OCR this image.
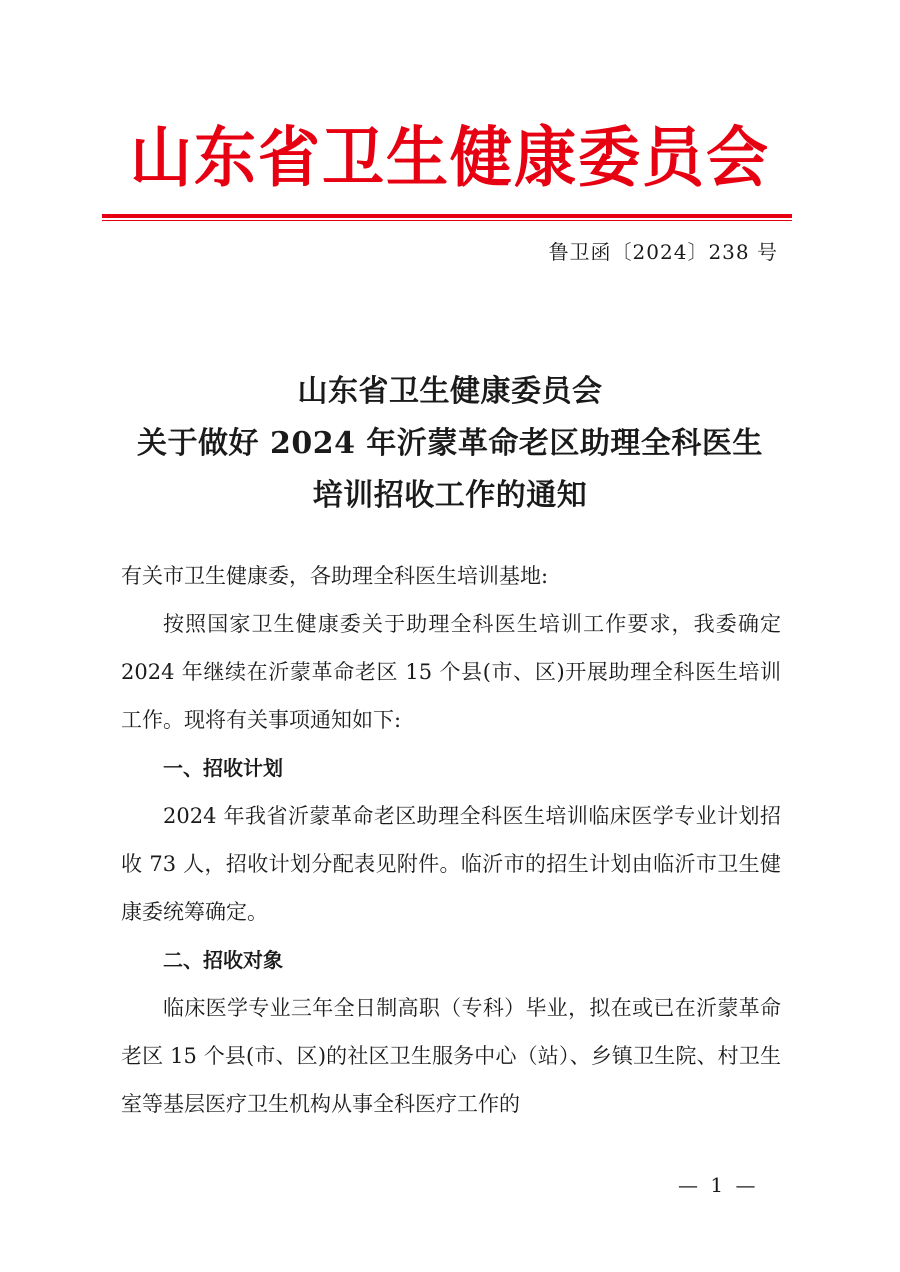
山东省卫生健康委员会
鲁卫函〔2024〕238 号
山东省卫生健康委员会
关于做好 2024 年沂蒙革命老区助理全科医生
培训招收工作的通知

有关市卫生健康委，各助理全科医生培训基地:

按照国家卫生健康委关于助理全科医生培训工作要求，我委确定 2024 年继续在沂蒙革命老区 15 个县(市、区)开展助理全科医生培训工作。现将有关事项通知如下:

一、招收计划

2024 年我省沂蒙革命老区助理全科医生培训临床医学专业计划招收 73 人，招收计划分配表见附件。临沂市的招生计划由临沂市卫生健康委统筹确定。

二、招收对象

临床医学专业三年全日制高职（专科）毕业，拟在或已在沂蒙革命老区 15 个县(市、区)的社区卫生服务中心（站）、乡镇卫生院、村卫生室等基层医疗卫生机构从事全科医疗工作的

— 1 —
